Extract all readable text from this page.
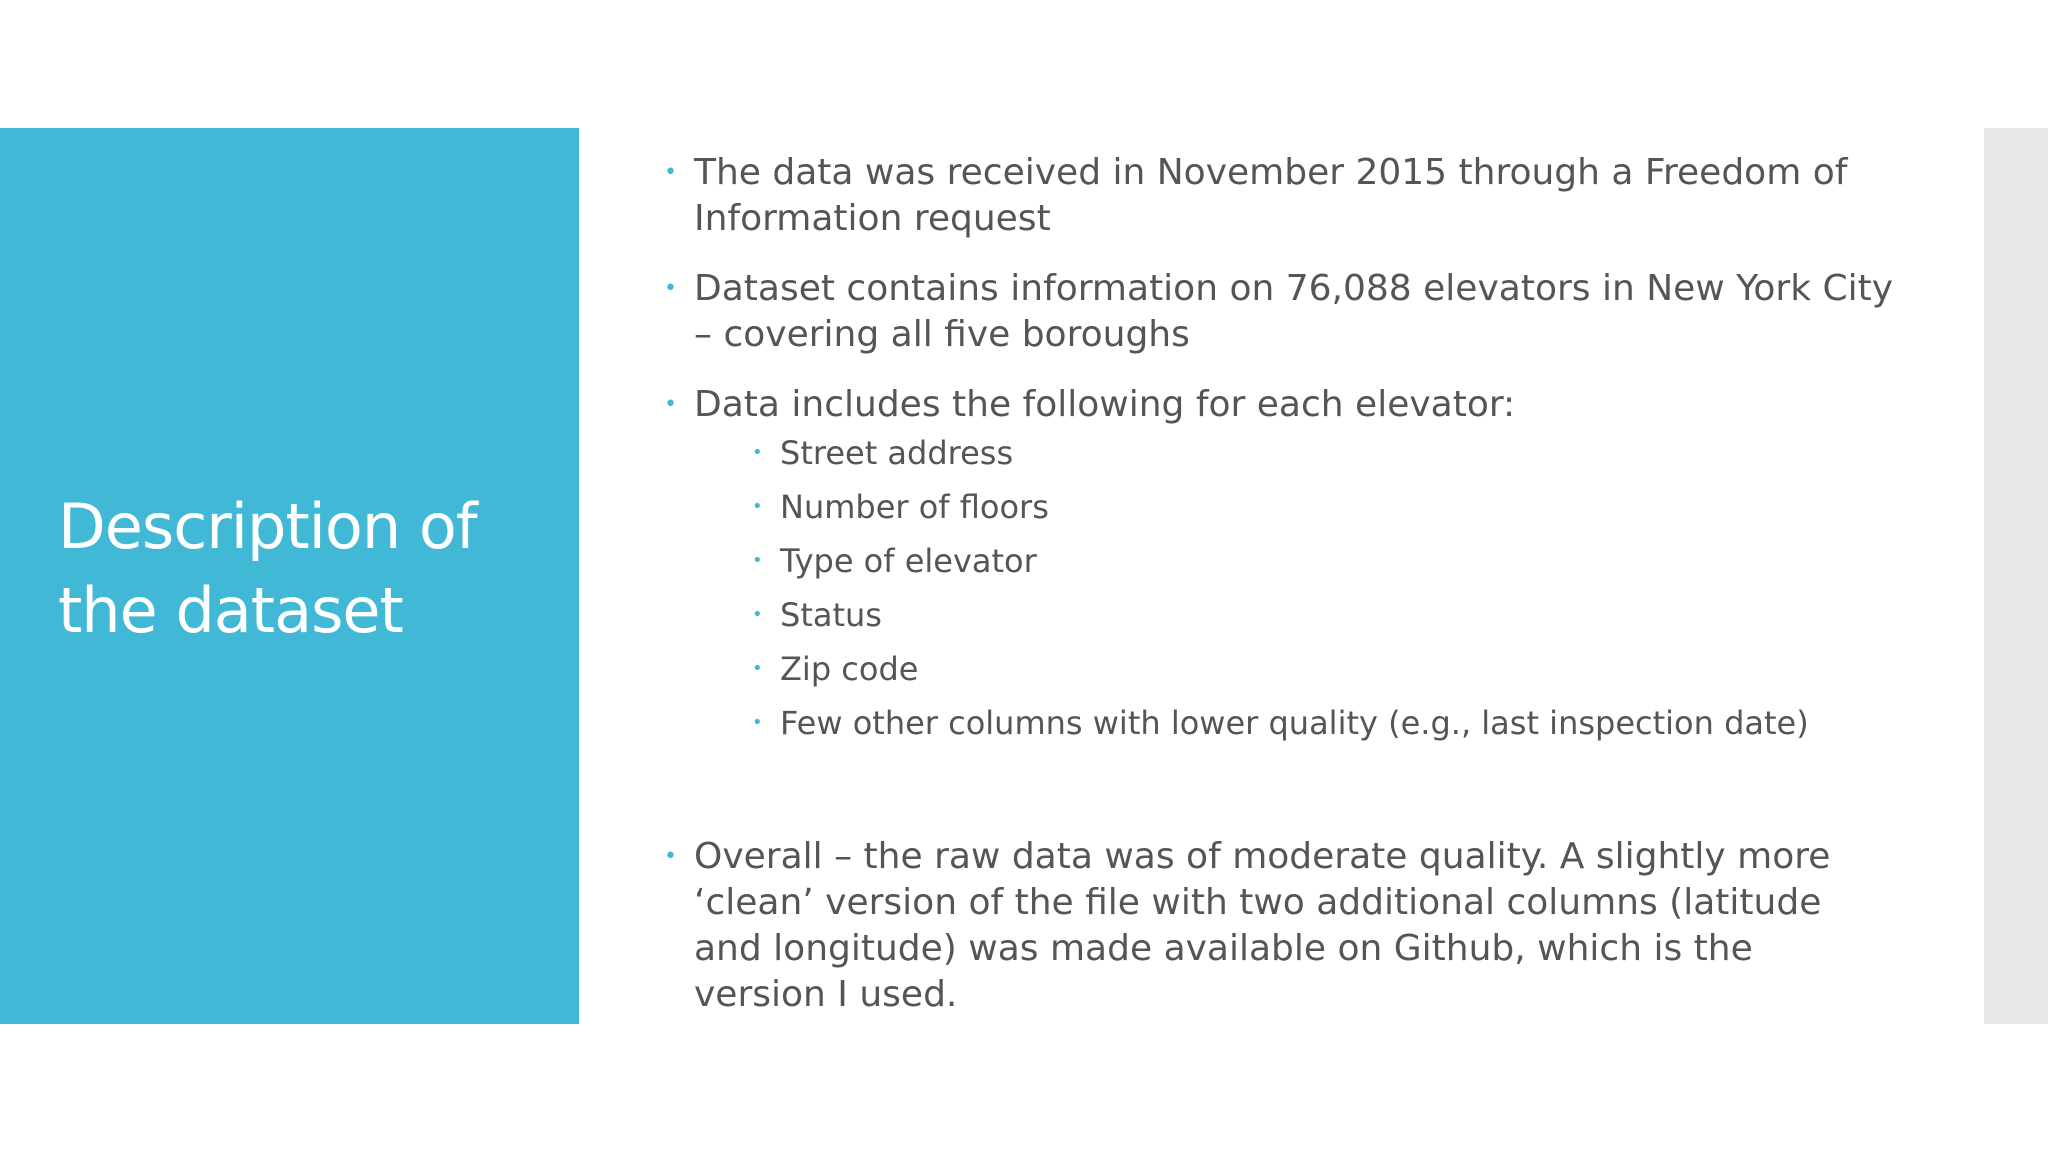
Description of the dataset
• The data was received in November 2015 through a Freedom of Information request
• Dataset contains information on 76,088 elevators in New York City – covering all five boroughs
• Data includes the following for each elevator:
• Street address
• Number of floors
• Type of elevator
• Status
• Zip code
• Few other columns with lower quality (e.g., last inspection date)
• Overall – the raw data was of moderate quality. A slightly more ‘clean’ version of the file with two additional columns (latitude and longitude) was made available on Github, which is the version I used.
